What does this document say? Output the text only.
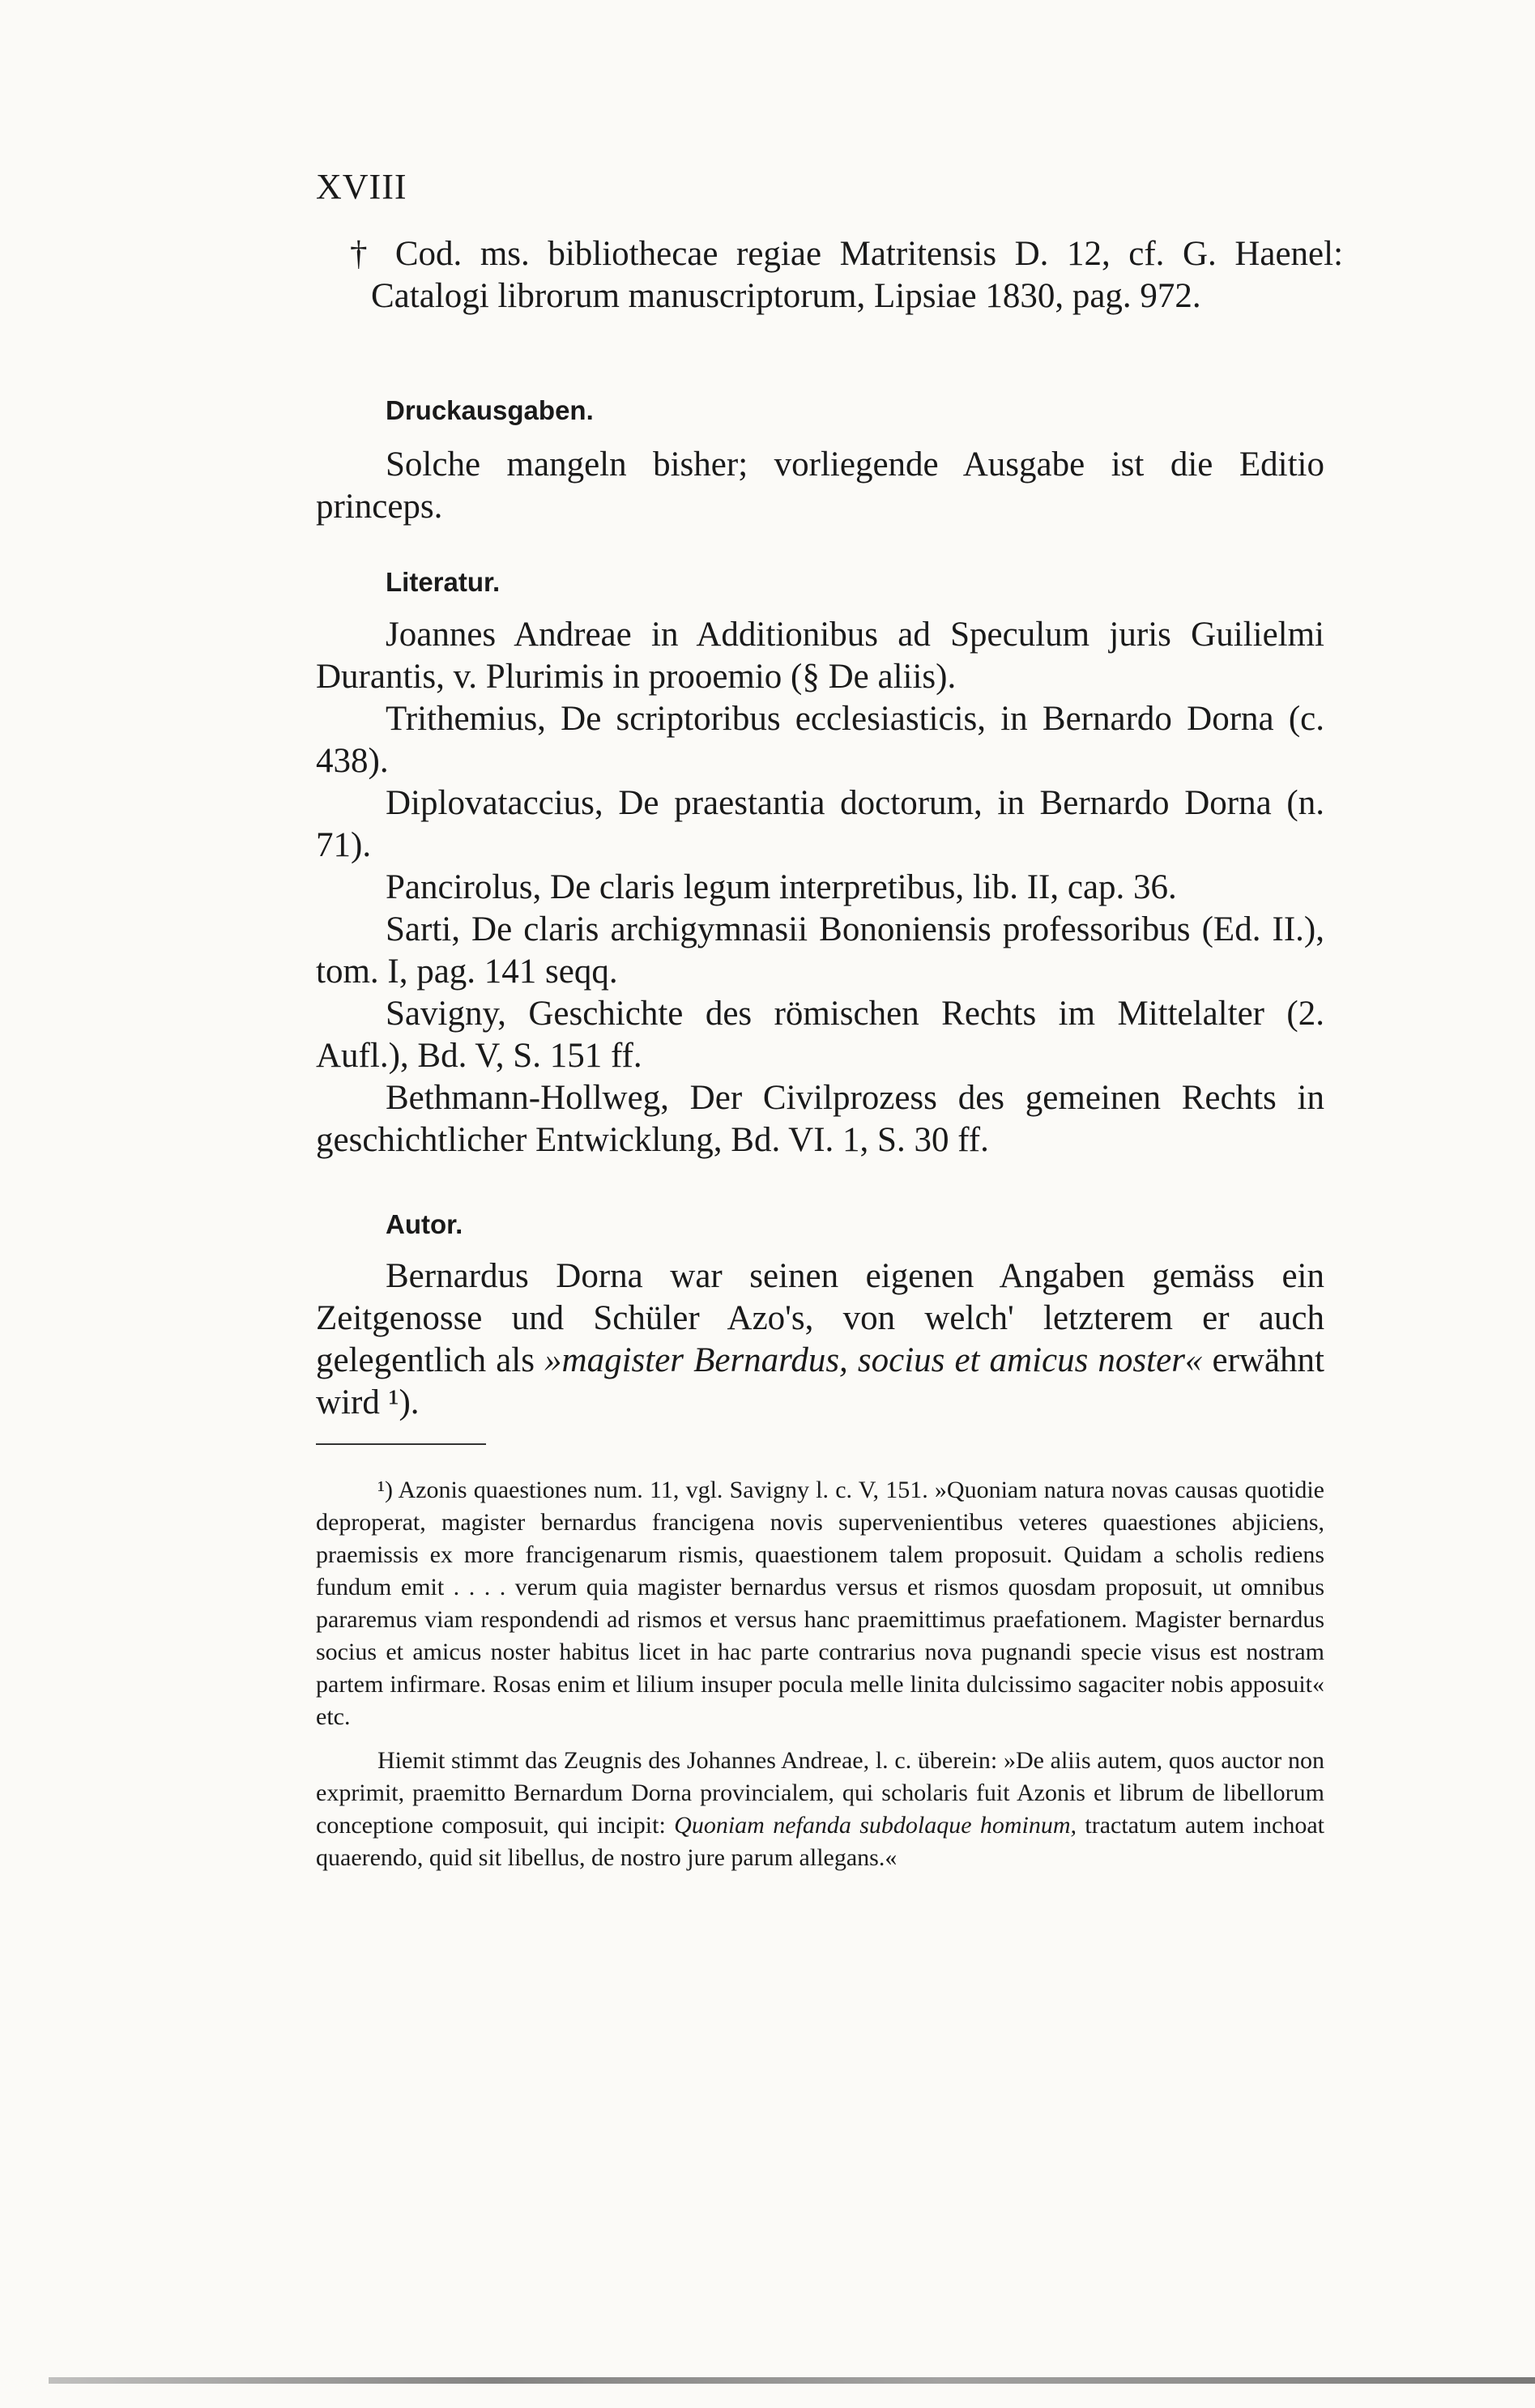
XVIII
† Cod. ms. bibliothecae regiae Matritensis D. 12, cf. G. Haenel: Catalogi librorum manuscriptorum, Lipsiae 1830, pag. 972.
Druckausgaben.
Solche mangeln bisher; vorliegende Ausgabe ist die Editio princeps.
Literatur.
Joannes Andreae in Additionibus ad Speculum juris Guilielmi Durantis, v. Plurimis in prooemio (§ De aliis).
Trithemius, De scriptoribus ecclesiasticis, in Bernardo Dorna (c. 438).
Diplovataccius, De praestantia doctorum, in Bernardo Dorna (n. 71).
Pancirolus, De claris legum interpretibus, lib. II, cap. 36.
Sarti, De claris archigymnasii Bononiensis professoribus (Ed. II.), tom. I, pag. 141 seqq.
Savigny, Geschichte des römischen Rechts im Mittelalter (2. Aufl.), Bd. V, S. 151 ff.
Bethmann-Hollweg, Der Civilprozess des gemeinen Rechts in geschichtlicher Entwicklung, Bd. VI. 1, S. 30 ff.
Autor.
Bernardus Dorna war seinen eigenen Angaben gemäss ein Zeitgenosse und Schüler Azo's, von welch' letzterem er auch gelegentlich als »magister Bernardus, socius et amicus noster« erwähnt wird ¹).

¹) Azonis quaestiones num. 11, vgl. Savigny l. c. V, 151. »Quoniam natura novas causas quotidie deproperat, magister bernardus francigena novis supervenientibus veteres quaestiones abjiciens, praemissis ex more francigenarum rismis, quaestionem talem proposuit. Quidam a scholis rediens fundum emit . . . . verum quia magister bernardus versus et rismos quosdam proposuit, ut omnibus pararemus viam respondendi ad rismos et versus hanc praemittimus praefationem. Magister bernardus socius et amicus noster habitus licet in hac parte contrarius nova pugnandi specie visus est nostram partem infirmare. Rosas enim et lilium insuper pocula melle linita dulcissimo sagaciter nobis apposuit« etc.

Hiemit stimmt das Zeugnis des Johannes Andreae, l. c. überein: »De aliis autem, quos auctor non exprimit, praemitto Bernardum Dorna provincialem, qui scholaris fuit Azonis et librum de libellorum conceptione composuit, qui incipit: Quoniam nefanda subdolaque hominum, tractatum autem inchoat quaerendo, quid sit libellus, de nostro jure parum allegans.«
